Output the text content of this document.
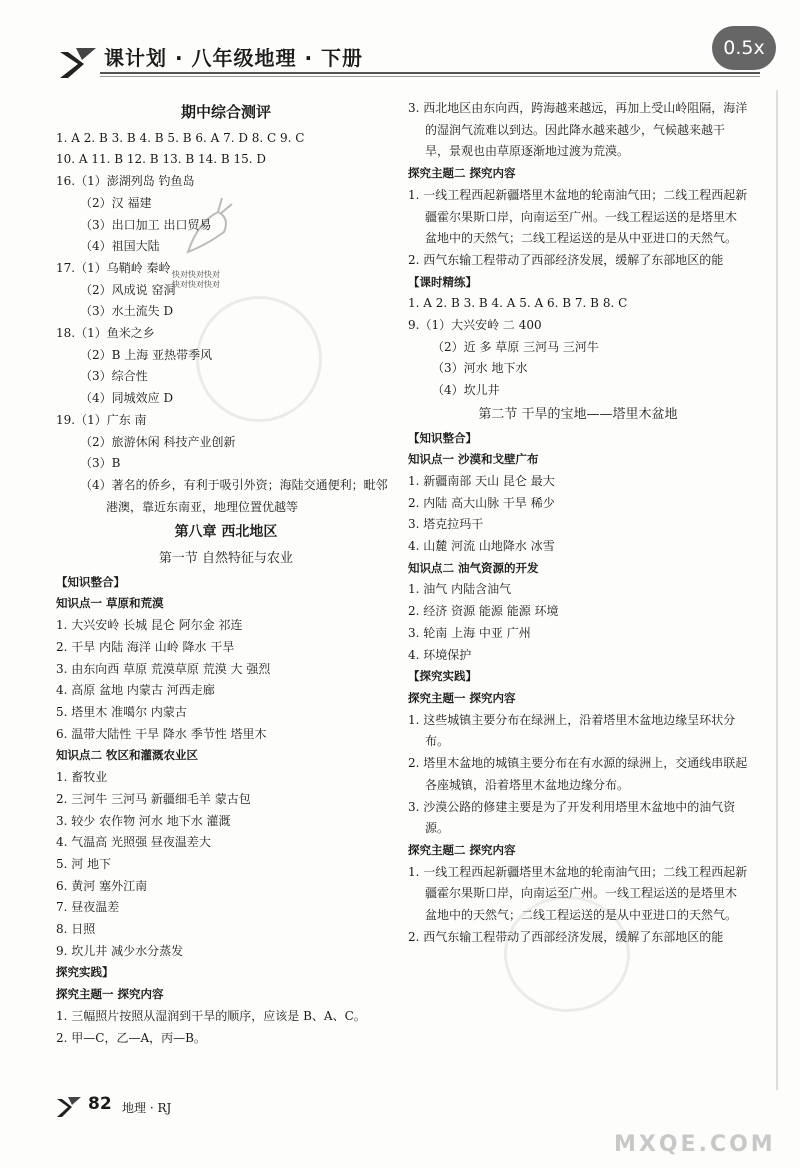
课计划 · 八年级地理 · 下册	0.5x
快对快对快对
快对快对快对
期中综合测评
1. A 2. B 3. B 4. B 5. B 6. A 7. D 8. C 9. C
10. A 11. B 12. B 13. B 14. B 15. D
16.（1）澎湖列岛 钓鱼岛
（2）汉 福建
（3）出口加工 出口贸易
（4）祖国大陆
17.（1）乌鞘岭 秦岭
（2）风成说 窑洞
（3）水土流失 D
18.（1）鱼米之乡
（2）B 上海 亚热带季风
（3）综合性
（4）同城效应 D
19.（1）广东 南
（2）旅游休闲 科技产业创新
（3）B
（4）著名的侨乡，有利于吸引外资；海陆交通便利；毗邻港澳，靠近东南亚，地理位置优越等
第八章 西北地区
第一节 自然特征与农业
【知识整合】
知识点一 草原和荒漠
1. 大兴安岭 长城 昆仑 阿尔金 祁连
2. 干旱 内陆 海洋 山岭 降水 干旱
3. 由东向西 草原 荒漠草原 荒漠 大 强烈
4. 高原 盆地 内蒙古 河西走廊
5. 塔里木 准噶尔 内蒙古
6. 温带大陆性 干旱 降水 季节性 塔里木
知识点二 牧区和灌溉农业区
1. 畜牧业
2. 三河牛 三河马 新疆细毛羊 蒙古包
3. 较少 农作物 河水 地下水 灌溉
4. 气温高 光照强 昼夜温差大
5. 河 地下
6. 黄河 塞外江南
7. 昼夜温差
8. 日照
9. 坎儿井 减少水分蒸发
探究实践】
探究主题一 探究内容
1. 三幅照片按照从湿润到干旱的顺序，应该是 B、A、C。
2. 甲—C，乙—A，丙—B。
3. 西北地区由东向西，跨海越来越远，再加上受山岭阻隔，海洋的湿润气流难以到达。因此降水越来越少，气候越来越干旱，景观也由草原逐渐地过渡为荒漠。
探究主题二 探究内容
1. 一线工程西起新疆塔里木盆地的轮南油气田；二线工程西起新疆霍尔果斯口岸，向南运至广州。一线工程运送的是塔里木盆地中的天然气；二线工程运送的是从中亚进口的天然气。
2. 西气东输工程带动了西部经济发展，缓解了东部地区的能
【课时精练】
1. A 2. B 3. B 4. A 5. A 6. B 7. B 8. C
9.（1）大兴安岭 二 400
（2）近 多 草原 三河马 三河牛
（3）河水 地下水
（4）坎儿井
第二节 干旱的宝地——塔里木盆地
【知识整合】
知识点一 沙漠和戈壁广布
1. 新疆南部 天山 昆仑 最大
2. 内陆 高大山脉 干旱 稀少
3. 塔克拉玛干
4. 山麓 河流 山地降水 冰雪
知识点二 油气资源的开发
1. 油气 内陆含油气
2. 经济 资源 能源 能源 环境
3. 轮南 上海 中亚 广州
4. 环境保护
【探究实践】
探究主题一 探究内容
1. 这些城镇主要分布在绿洲上，沿着塔里木盆地边缘呈环状分布。
2. 塔里木盆地的城镇主要分布在有水源的绿洲上，交通线串联起各座城镇，沿着塔里木盆地边缘分布。
3. 沙漠公路的修建主要是为了开发利用塔里木盆地中的油气资源。
探究主题二 探究内容
1. 一线工程西起新疆塔里木盆地的轮南油气田；二线工程西起新疆霍尔果斯口岸，向南运至广州。一线工程运送的是塔里木盆地中的天然气；二线工程运送的是从中亚进口的天然气。
2. 西气东输工程带动了西部经济发展，缓解了东部地区的能
82 地理 · RJ
MXQE.COM
